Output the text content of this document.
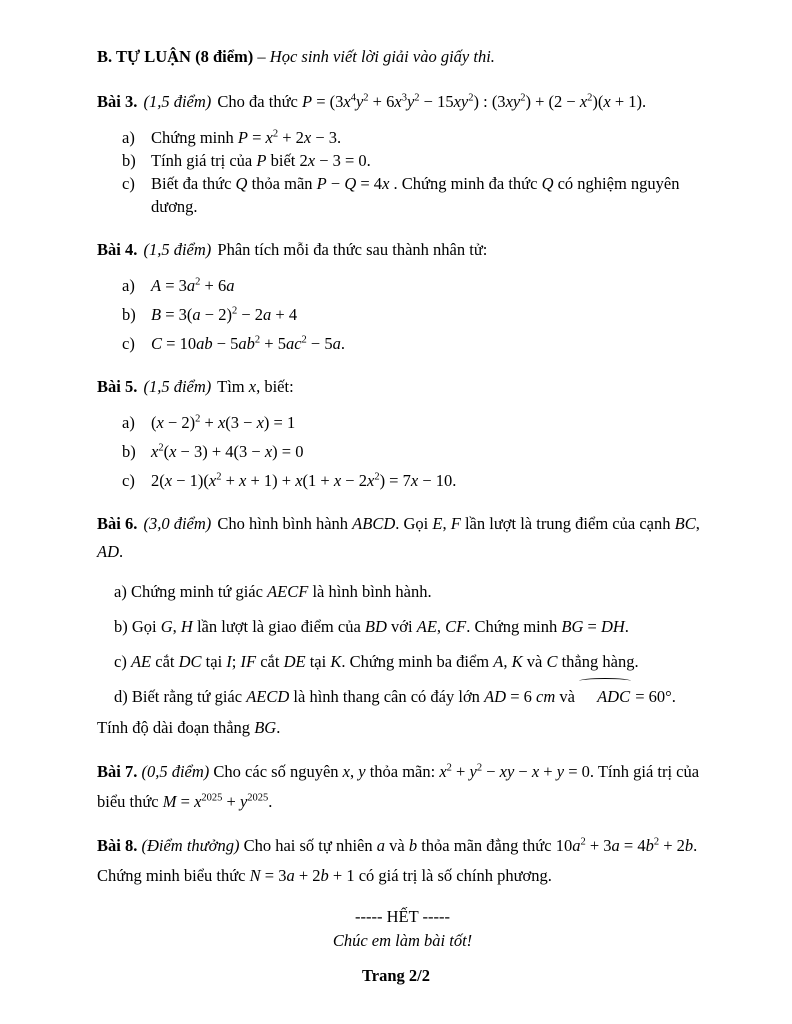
B. TỰ LUẬN (8 điểm) – Học sinh viết lời giải vào giấy thi.

Bài 3. (1,5 điểm) Cho đa thức $P = (3x^4y^2 + 6x^3y^2 - 15xy^2)$ : $(3xy^2) + (2 - x^2)(x + 1)$.

a) Chứng minh $P = x^2 + 2x - 3$.
b) Tính giá trị của P biết 2x − 3 = 0.
c) Biết đa thức Q thỏa mãn P − Q = 4x . Chứng minh đa thức Q có nghiệm nguyên dương.

Bài 4. (1,5 điểm) Phân tích mỗi đa thức sau thành nhân tử:

a) $A = 3a^2 + 6a$
b) $B = 3(a - 2)^2 - 2a + 4$
c) $C = 10ab - 5ab^2 + 5ac^2 - 5a$.

Bài 5. (1,5 điểm) Tìm x, biết:

a) $(x - 2)^2 + x(3 - x) = 1$
b) $x^2(x - 3) + 4(3 - x) = 0$
c) $2(x - 1)(x^2 + x + 1) + x(1 + x - 2x^2) = 7x - 10$.

Bài 6. (3,0 điểm) Cho hình bình hành ABCD. Gọi E, F lần lượt là trung điểm của cạnh BC, AD.

a) Chứng minh tứ giác AECF là hình bình hành.

b) Gọi G, H lần lượt là giao điểm của BD với AE, CF. Chứng minh BG = DH.

c) AE cắt DC tại I; IF cắt DE tại K. Chứng minh ba điểm A, K và C thẳng hàng.

d) Biết rằng tứ giác AECD là hình thang cân có đáy lớn AD = 6 cm và ADC = 60°. Tính độ dài đoạn thẳng BG.

Bài 7. (0,5 điểm) Cho các số nguyên x, y thỏa mãn: $x^2 + y^2$ − xy − x + y = 0. Tính giá trị của biểu thức $M = x^{2025} + y^{2025}$.

Bài 8. (Điểm thưởng) Cho hai số tự nhiên a và b thỏa mãn đẳng thức $10a^2 + 3a = 4b^2 + 2b$. Chứng minh biểu thức N = 3a + 2b + 1 có giá trị là số chính phương.

----- HẾT -----

Chúc em làm bài tốt!

Trang 2/2
